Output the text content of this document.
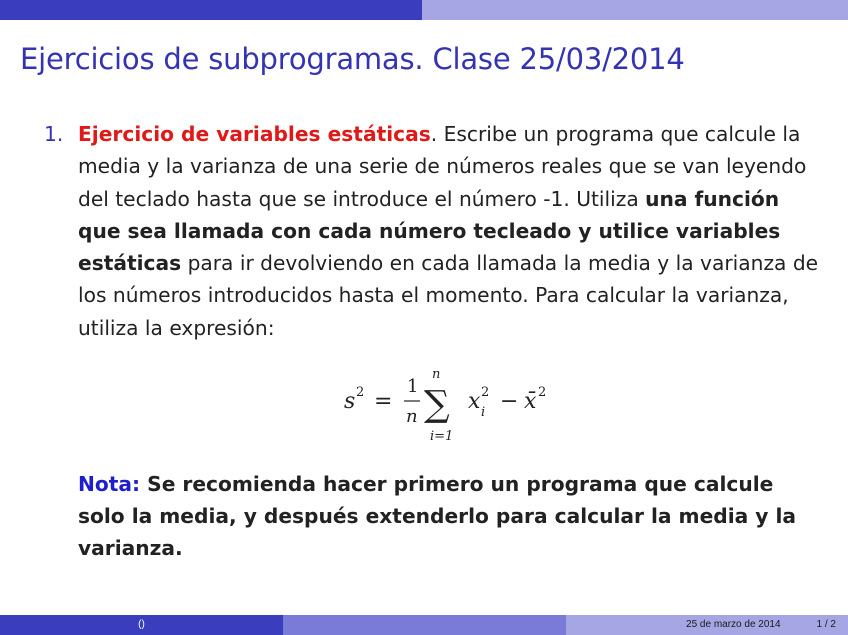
Ejercicios de subprogramas. Clase 25/03/2014
1. Ejercicio de variables estáticas. Escribe un programa que calcule la media y la varianza de una serie de números reales que se van leyendo del teclado hasta que se introduce el número -1. Utiliza una función que sea llamada con cada número tecleado y utilice variables estáticas para ir devolviendo en cada llamada la media y la varianza de los números introducidos hasta el momento. Para calcular la varianza, utiliza la expresión:
s 2 =
1
n
n
∑
i=1
x 2
i − x̄ 2
Nota: Se recomienda hacer primero un programa que calcule solo la media, y después extenderlo para calcular la media y la varianza.
()	25 de marzo de 2014	1 / 2
